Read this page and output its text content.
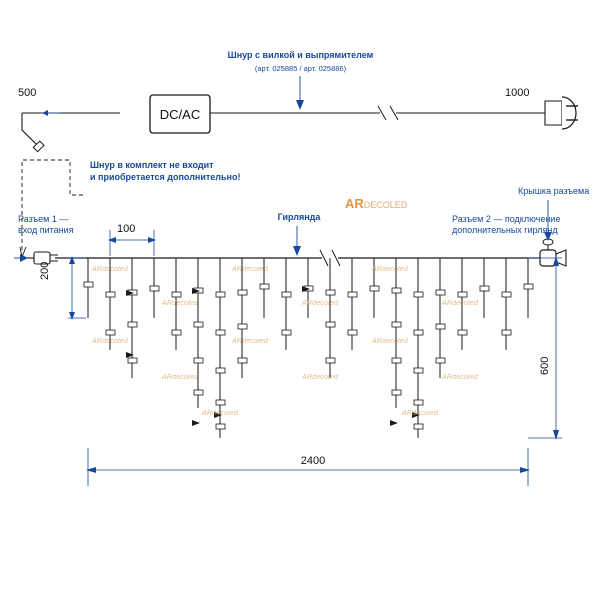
Шнур с вилкой и выпрямителем
(арт. 025885 / арт. 025886)
500	1000
DC/AC
Шнур в комплект не входит
и приобретается дополнительно!
Разъем 1 —
вход питания
Гирлянда	Разъем 2 — подключение
дополнительных гирлянд
Крышка разъема
100
200
600
2400
ARDECOLED
ARdecoled	ARdecoled	ARdecoled
ARdecoled	ARdecoled	ARdecoled
ARdecoled	ARdecoled	ARdecoled
ARdecoled	ARdecoled	ARdecoled
ARdecoled	ARdecoled
